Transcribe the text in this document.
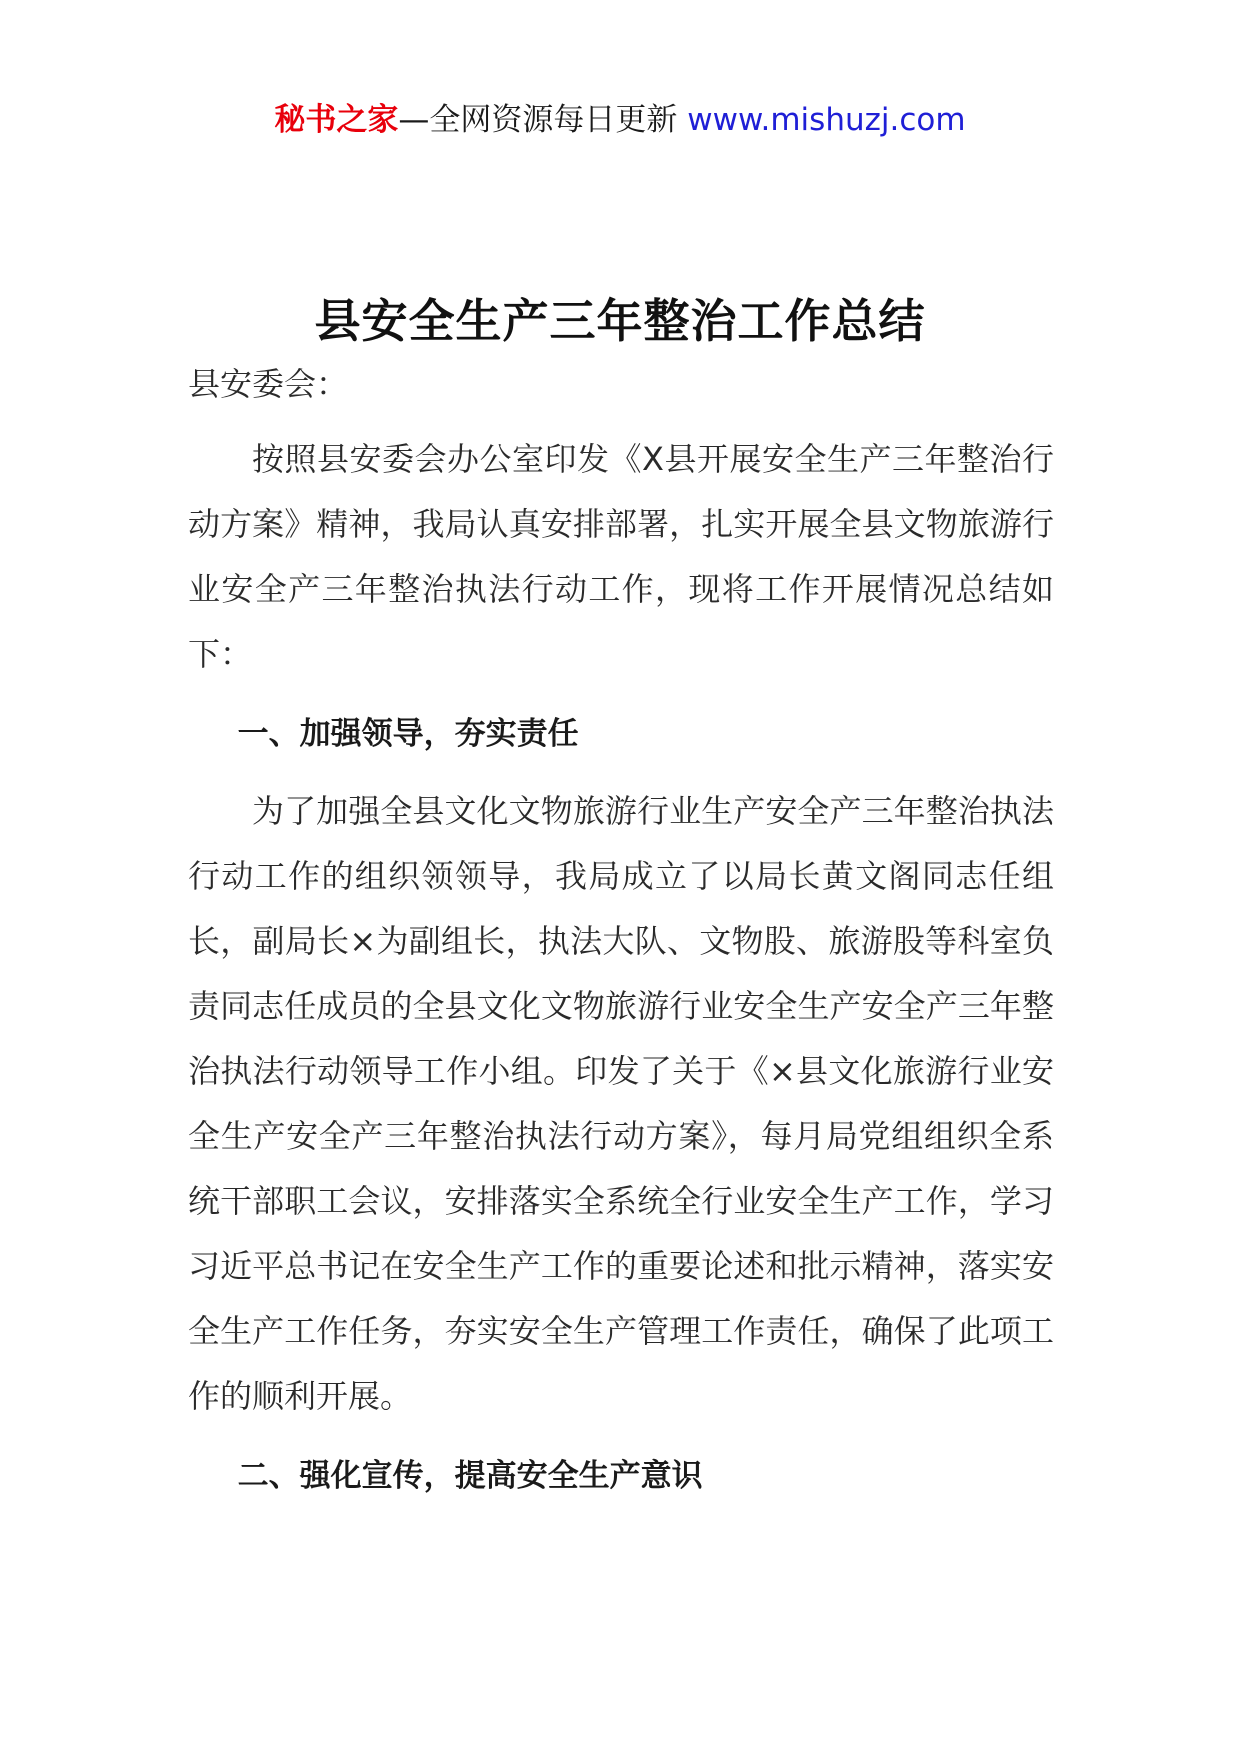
秘书之家—全网资源每日更新 www.mishuzj.com
县安全生产三年整治工作总结

县安委会：

按照县安委会办公室印发《X县开展安全生产三年整治行动方案》精神，我局认真安排部署，扎实开展全县文物旅游行业安全产三年整治执法行动工作，现将工作开展情况总结如下：

一、加强领导，夯实责任

为了加强全县文化文物旅游行业生产安全产三年整治执法行动工作的组织领领导，我局成立了以局长黄文阁同志任组长，副局长×为副组长，执法大队、文物股、旅游股等科室负责同志任成员的全县文化文物旅游行业安全生产安全产三年整治执法行动领导工作小组。印发了关于《×县文化旅游行业安全生产安全产三年整治执法行动方案》，每月局党组组织全系统干部职工会议，安排落实全系统全行业安全生产工作，学习习近平总书记在安全生产工作的重要论述和批示精神，落实安全生产工作任务，夯实安全生产管理工作责任，确保了此项工作的顺利开展。

二、强化宣传，提高安全生产意识
